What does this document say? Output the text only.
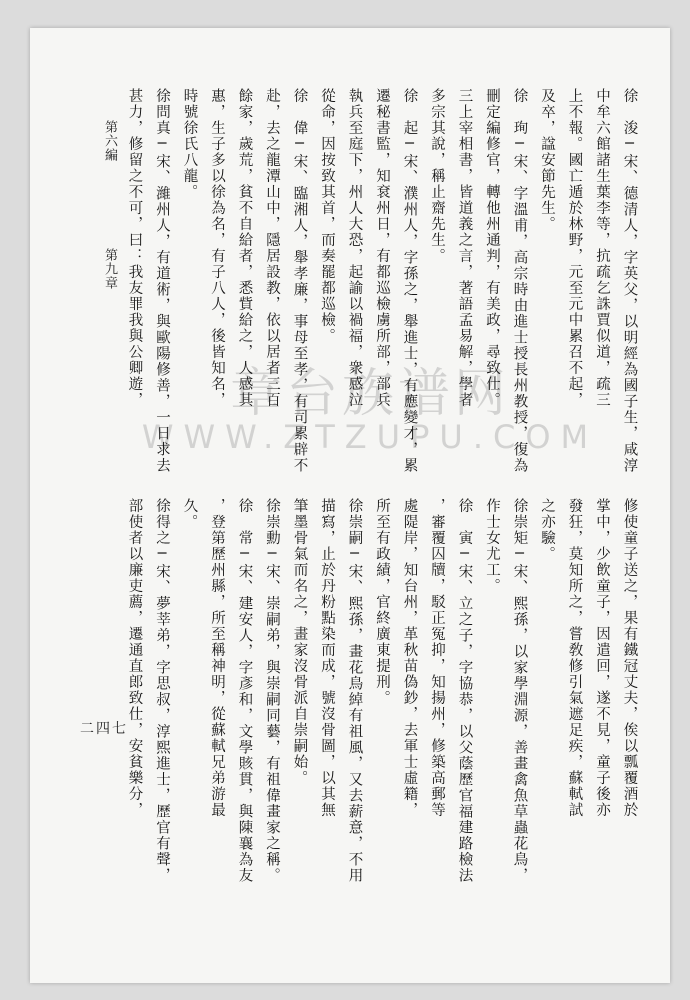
章台族谱网
WWW.ZTZUPU.COM	徐　浚─宋、德清人，字英父，以明經為國子生，咸淳
中牟六館諸生葉李等，抗疏乞誅賈似道，疏三
上不報。國亡遁於林野，元至元中累召不起，
及卒，諡安節先生。
徐　珣─宋、字溫甫，高宗時由進士授長州教授，復為
刪定編修官，轉他州通判，有美政，尋致仕。
三上宰相書，皆道義之言，著語孟易解，學者
多宗其說，稱止齋先生。
徐　起─宋、濮州人，字孫之，舉進士，有應變才，累
遷秘書監，知袞州日，有都巡檢虜所部，部兵
執兵至庭下，州人大恐，起諭以禍福，衆感泣
從命，因按致其首，而奏罷都巡檢。
徐　偉─宋、臨湘人，舉孝廉，事母至孝，有司累辟不
赴，去之龍潭山中，隱居設教，依以居者三百
餘家，歲荒，貧不自給者，悉貲給之，人感其
惠，生子多以徐為名，有子八人，後皆知名，
時號徐氏八龍。
徐問真─宋、濰州人，有道術，與歐陽修善，一日求去
甚力，修留之不可，曰：我友罪我與公卿遊，
修使童子送之，果有鐵冠丈夫，俟以瓢覆酒於
掌中，少飲童子，因遣回，遂不見，童子後亦
發狂，莫知所之，嘗敎修引氣遮足疾，蘇軾試
之亦驗。
徐崇矩─宋、熙孫，以家學淵源，善畫禽魚草蟲花鳥，
作士女尤工。
徐　寅─宋、立之子，字協恭，以父蔭歷官福建路檢法
，審覆囚牘，駁正冤抑，知揚州，修築高郵等
處隄岸，知台州，革秋苗偽鈔，去軍士虛籍，
所至有政績，官終廣東提刑。
徐崇嗣─宋、熙孫，畫花鳥綽有祖風，又去薪意，不用
描寫，止於丹粉點染而成，號沒骨圖，以其無
筆墨骨氣而名之，畫家沒骨派自崇嗣始。
徐崇勳─宋、崇嗣弟，與崇嗣同藝，有祖偉畫家之稱。
徐　常─宋、建安人，字彥和，文學賅貫，與陳襄為友
，登第歷州縣，所至稱神明，從蘇軾兄弟游最
久。
徐得之─宋、夢莘弟，字思叔，淳熙進士，歷官有聲，
部使者以廉吏薦，遷通直郎致仕，安貧樂分，
第六編
第九章
二四七
